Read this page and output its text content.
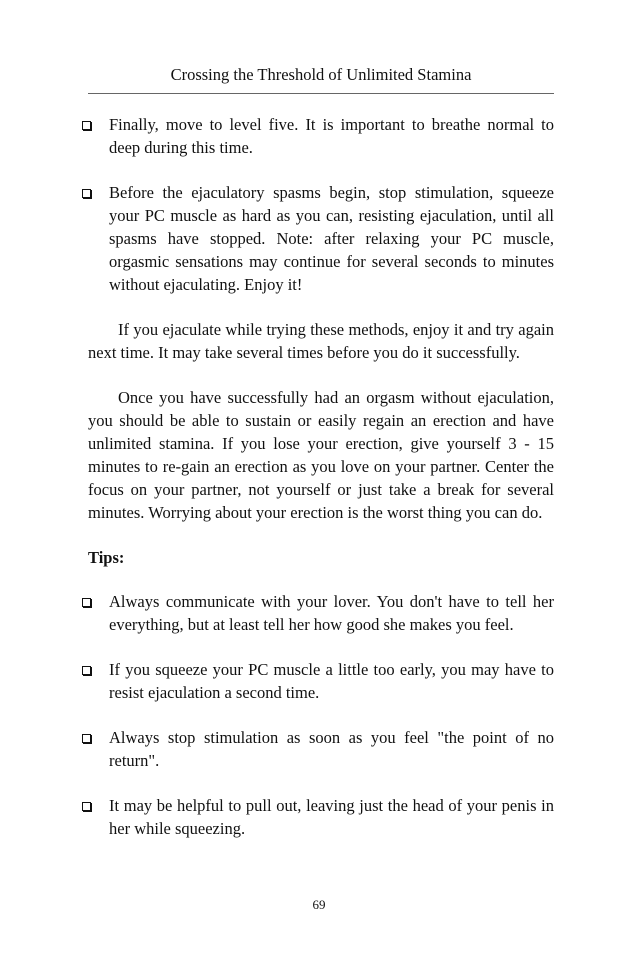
Crossing the Threshold of Unlimited Stamina
Finally, move to level five. It is important to breathe normal to deep during this time.
Before the ejaculatory spasms begin, stop stimulation, squeeze your PC muscle as hard as you can, resisting ejaculation, until all spasms have stopped. Note: after relaxing your PC muscle, orgasmic sensations may continue for several seconds to minutes without ejaculating. Enjoy it!
If you ejaculate while trying these methods, enjoy it and try again next time. It may take several times before you do it successfully.
Once you have successfully had an orgasm without ejaculation, you should be able to sustain or easily regain an erection and have unlimited stamina. If you lose your erection, give yourself 3 - 15 minutes to re-gain an erection as you love on your partner. Center the focus on your partner, not yourself or just take a break for several minutes. Worrying about your erection is the worst thing you can do.
Tips:
Always communicate with your lover. You don't have to tell her everything, but at least tell her how good she makes you feel.
If you squeeze your PC muscle a little too early, you may have to resist ejaculation a second time.
Always stop stimulation as soon as you feel "the point of no return".
It may be helpful to pull out, leaving just the head of your penis in her while squeezing.
69
